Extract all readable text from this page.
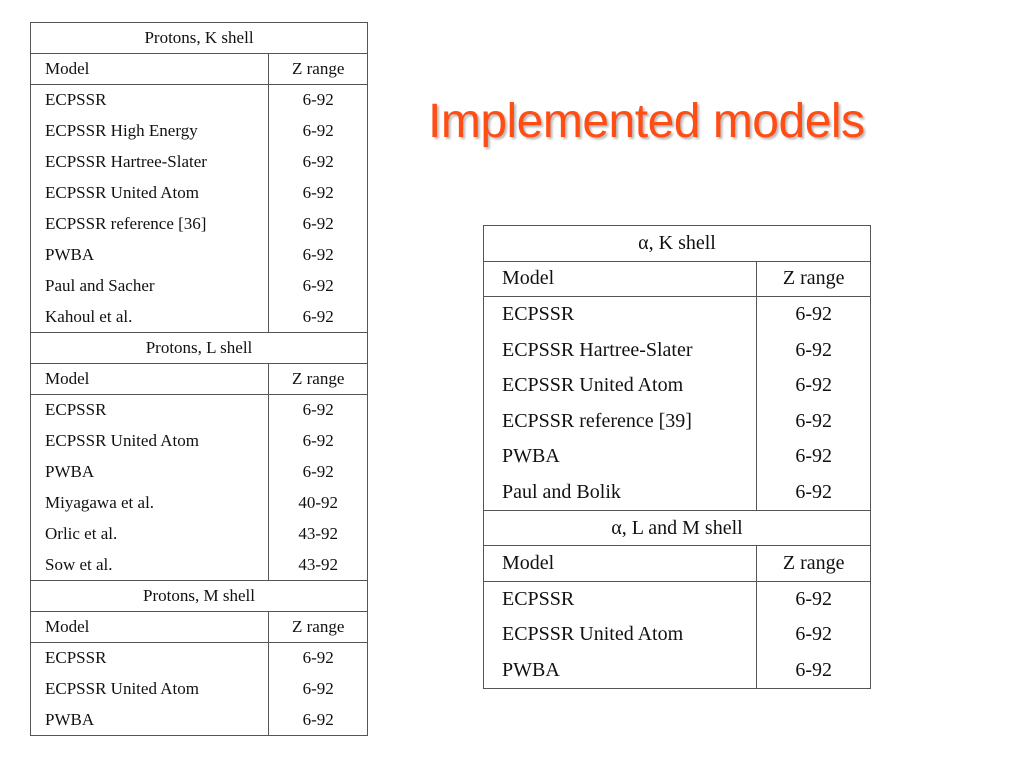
Implemented models
Protons, K shell	
Model	Z range
ECPSSR	6-92
ECPSSR High Energy	6-92
ECPSSR Hartree-Slater	6-92
ECPSSR United Atom	6-92
ECPSSR reference [36]	6-92
PWBA	6-92
Paul and Sacher	6-92
Kahoul et al.	6-92
Protons, L shell	
Model	Z range
ECPSSR	6-92
ECPSSR United Atom	6-92
PWBA	6-92
Miyagawa et al.	40-92
Orlic et al.	43-92
Sow et al.	43-92
Protons, M shell	
Model	Z range
ECPSSR	6-92
ECPSSR United Atom	6-92
PWBA	6-92
α, K shell	
Model	Z range
ECPSSR	6-92
ECPSSR Hartree-Slater	6-92
ECPSSR United Atom	6-92
ECPSSR reference [39]	6-92
PWBA	6-92
Paul and Bolik	6-92
α, L and M shell	
Model	Z range
ECPSSR	6-92
ECPSSR United Atom	6-92
PWBA	6-92
